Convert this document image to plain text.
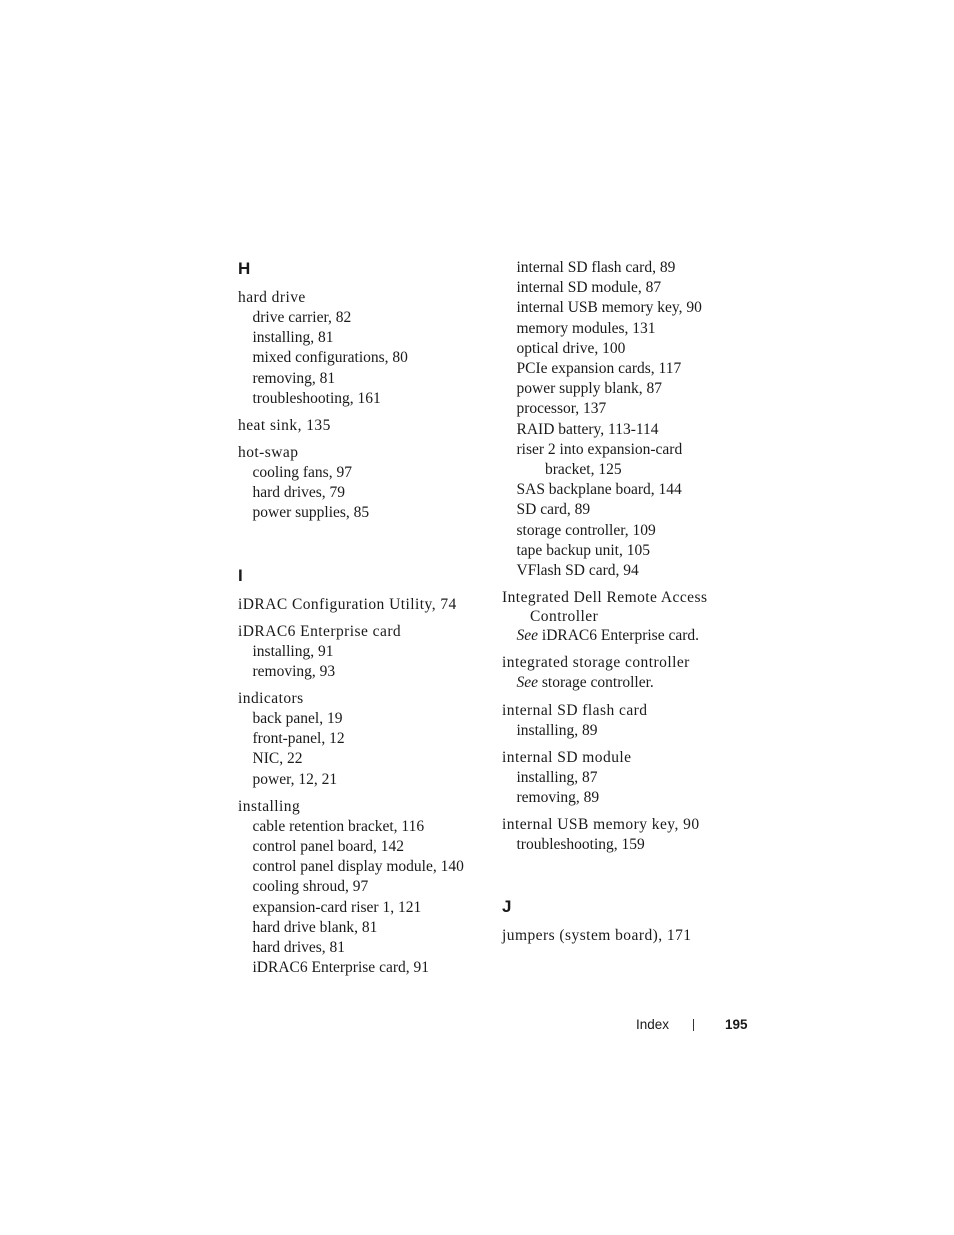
H
hard drive
drive carrier, 82
installing, 81
mixed configurations, 80
removing, 81
troubleshooting, 161
heat sink, 135
hot-swap
cooling fans, 97
hard drives, 79
power supplies, 85
I
iDRAC Configuration Utility, 74
iDRAC6 Enterprise card
installing, 91
removing, 93
indicators
back panel, 19
front-panel, 12
NIC, 22
power, 12, 21
installing
cable retention bracket, 116
control panel board, 142
control panel display module, 140
cooling shroud, 97
expansion-card riser 1, 121
hard drive blank, 81
hard drives, 81
iDRAC6 Enterprise card, 91
internal SD flash card, 89
internal SD module, 87
internal USB memory key, 90
memory modules, 131
optical drive, 100
PCIe expansion cards, 117
power supply blank, 87
processor, 137
RAID battery, 113-114
riser 2 into expansion-card
bracket, 125
SAS backplane board, 144
SD card, 89
storage controller, 109
tape backup unit, 105
VFlash SD card, 94
Integrated Dell Remote Access
Controller
See iDRAC6 Enterprise card.
integrated storage controller
See storage controller.
internal SD flash card
installing, 89
internal SD module
installing, 87
removing, 89
internal USB memory key, 90
troubleshooting, 159
J
jumpers (system board), 171
Index	195
